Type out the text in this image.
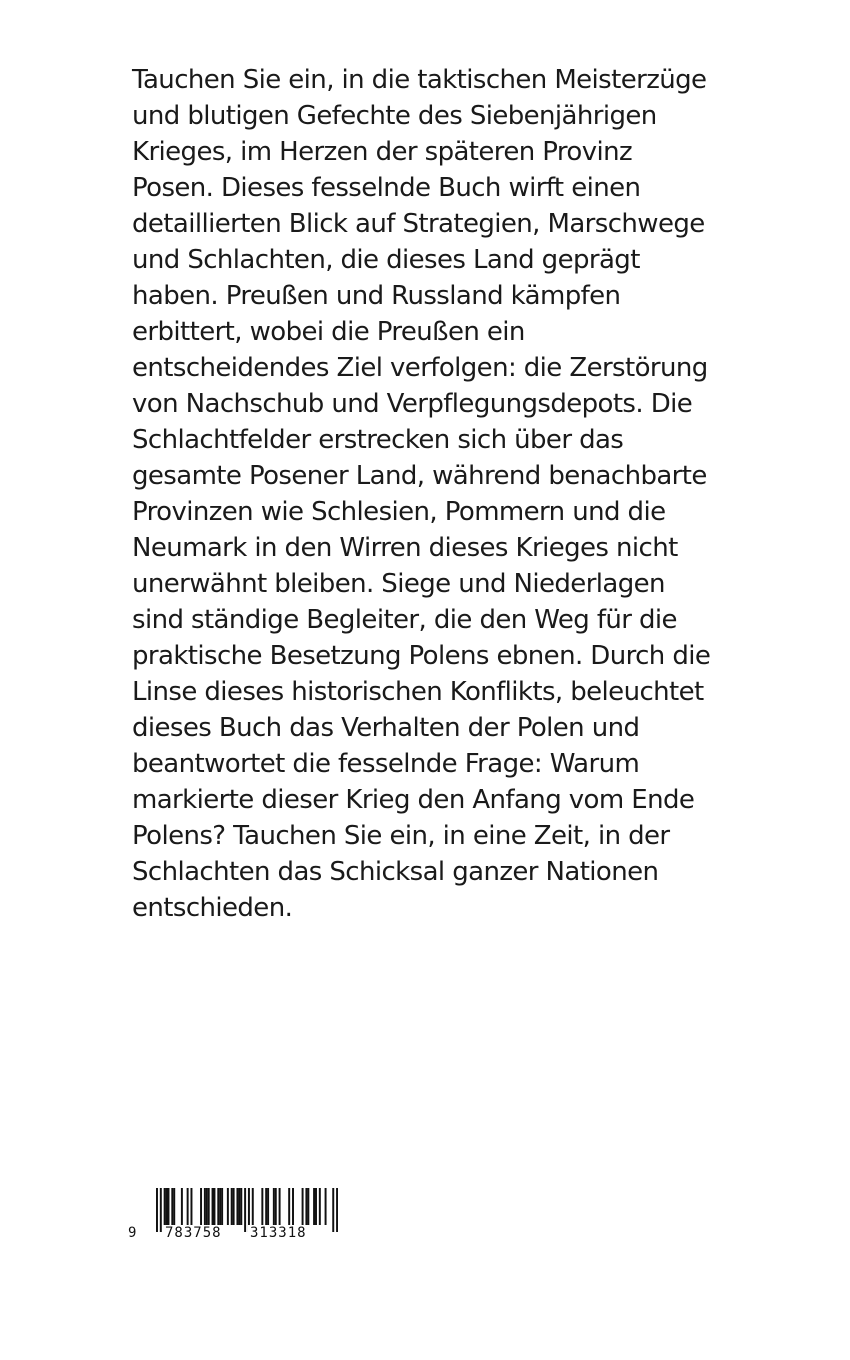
Tauchen Sie ein, in die taktischen Meisterzüge
und blutigen Gefechte des Siebenjährigen
Krieges, im Herzen der späteren Provinz
Posen. Dieses fesselnde Buch wirft einen
detaillierten Blick auf Strategien, Marschwege
und Schlachten, die dieses Land geprägt
haben. Preußen und Russland kämpfen
erbittert, wobei die Preußen ein
entscheidendes Ziel verfolgen: die Zerstörung
von Nachschub und Verpflegungsdepots. Die
Schlachtfelder erstrecken sich über das
gesamte Posener Land, während benachbarte
Provinzen wie Schlesien, Pommern und die
Neumark in den Wirren dieses Krieges nicht
unerwähnt bleiben. Siege und Niederlagen
sind ständige Begleiter, die den Weg für die
praktische Besetzung Polens ebnen. Durch die
Linse dieses historischen Konflikts, beleuchtet
dieses Buch das Verhalten der Polen und
beantwortet die fesselnde Frage: Warum
markierte dieser Krieg den Anfang vom Ende
Polens? Tauchen Sie ein, in eine Zeit, in der
Schlachten das Schicksal ganzer Nationen
entschieden.
9 783758 313318
